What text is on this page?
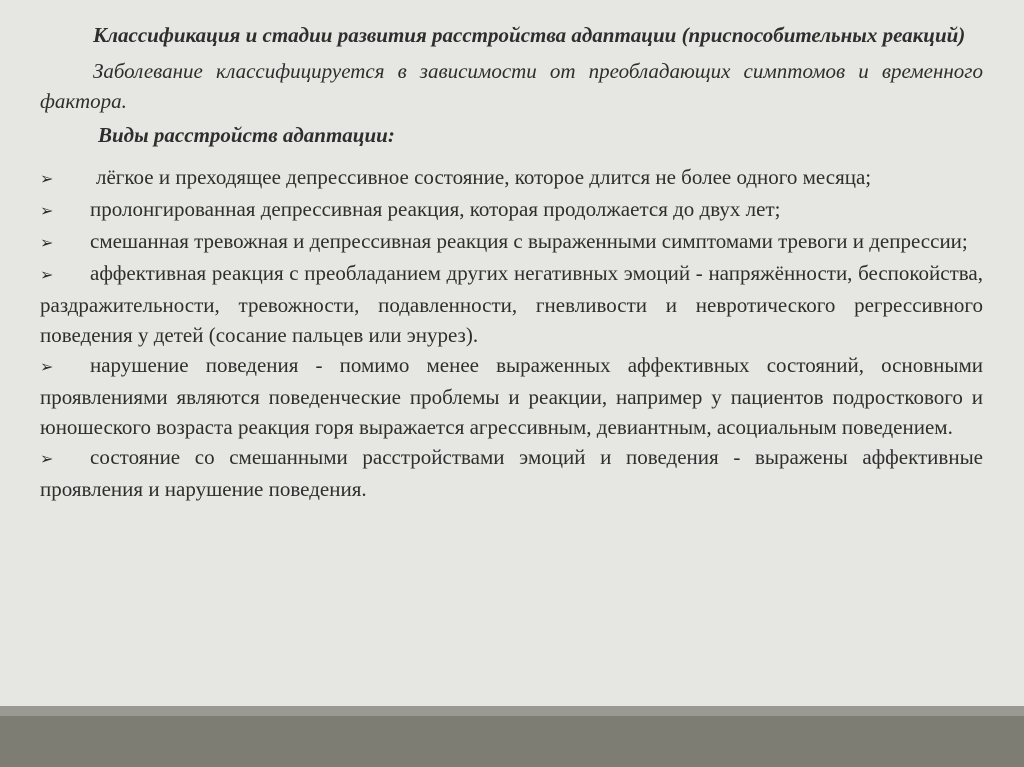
Классификация и стадии развития расстройства адаптации (приспособительных реакций)

Заболевание классифицируется в зависимости от преобладающих симптомов и временного фактора.

Виды расстройств адаптации:

➢ лёгкое и преходящее депрессивное состояние, которое длится не более одного месяца;
➢ пролонгированная депрессивная реакция, которая продолжается до двух лет;
➢ смешанная тревожная и депрессивная реакция с выраженными симптомами тревоги и депрессии;
➢ аффективная реакция с преобладанием других негативных эмоций - напряжённости, беспокойства, раздражительности, тревожности, подавленности, гневливости и невротического регрессивного поведения у детей (сосание пальцев или энурез).
➢ нарушение поведения - помимо менее выраженных аффективных состояний, основными проявлениями являются поведенческие проблемы и реакции, например у пациентов подросткового и юношеского возраста реакция горя выражается агрессивным, девиантным, асоциальным поведением.
➢ состояние со смешанными расстройствами эмоций и поведения - выражены аффективные проявления и нарушение поведения.
